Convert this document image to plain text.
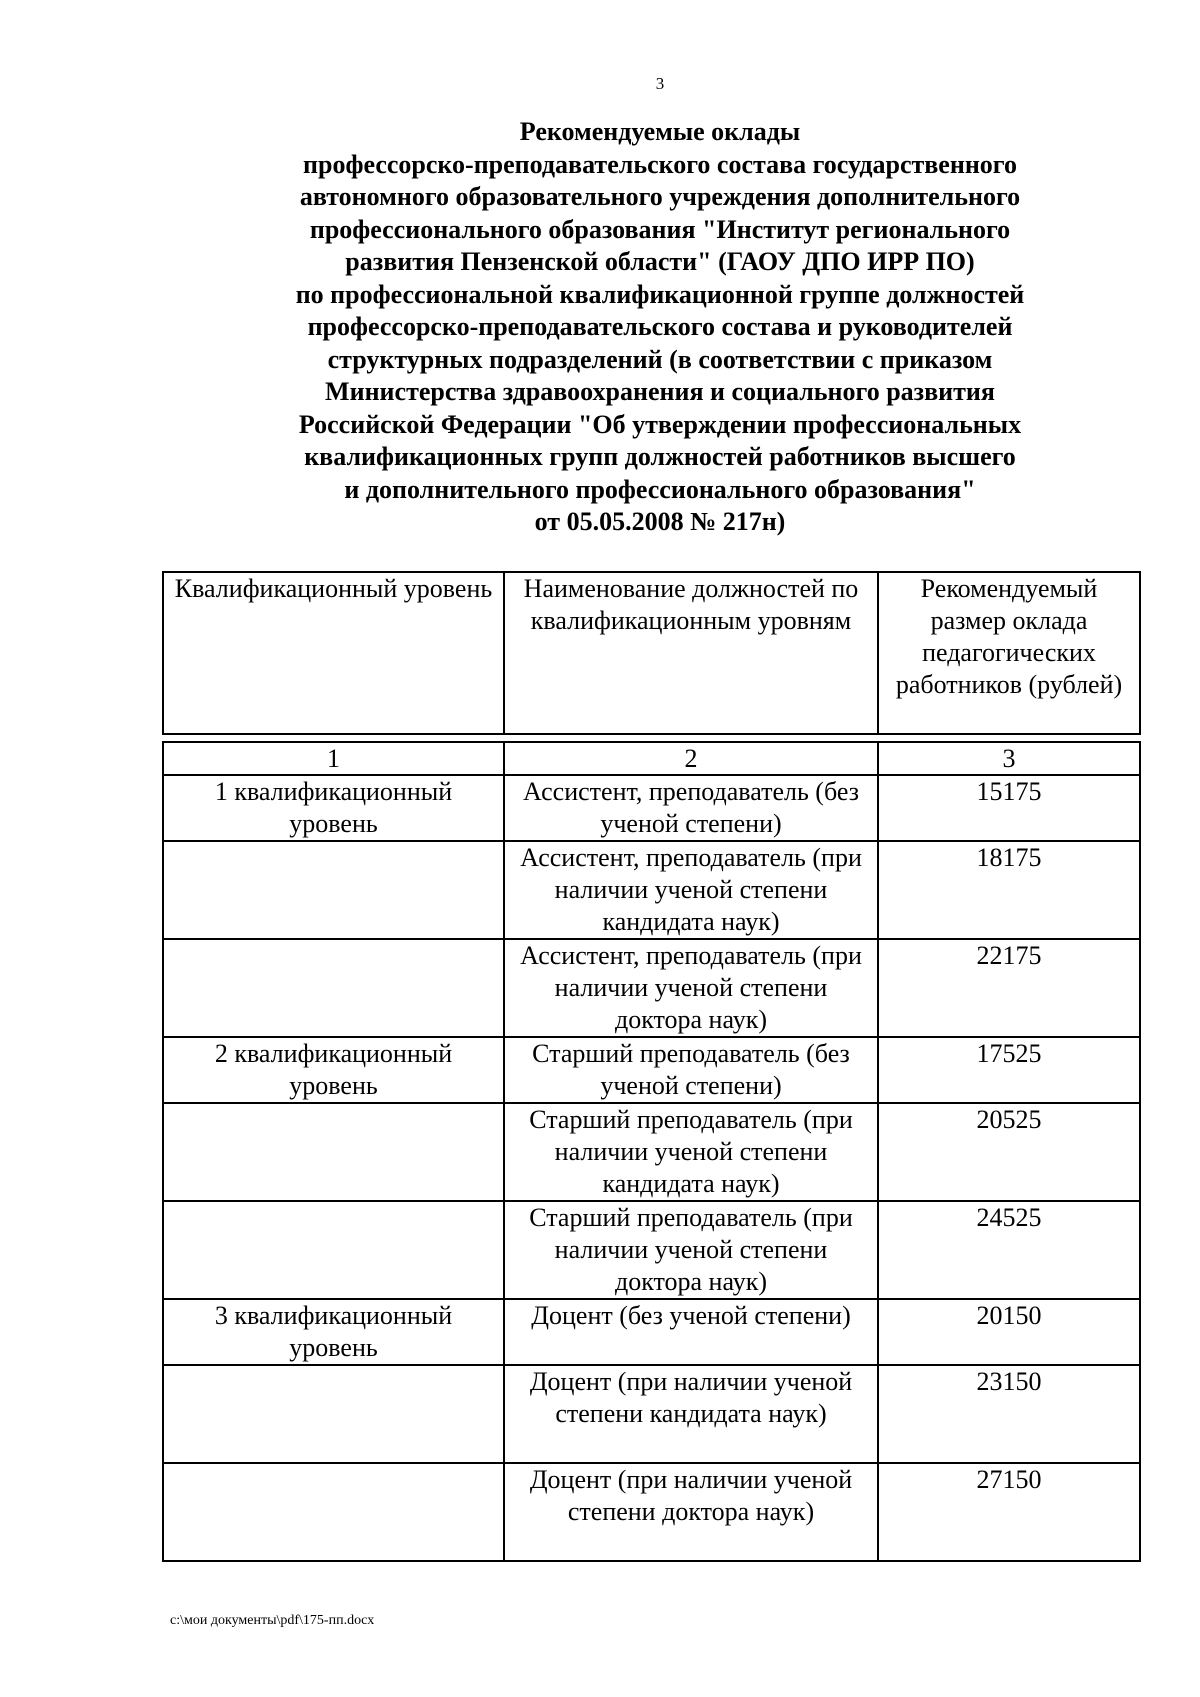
3
Рекомендуемые оклады
профессорско-преподавательского состава государственного
автономного образовательного учреждения дополнительного
профессионального образования "Институт регионального
развития Пензенской области" (ГАОУ ДПО ИРР ПО)
по профессиональной квалификационной группе должностей
профессорско-преподавательского состава и руководителей
структурных подразделений (в соответствии с приказом
Министерства здравоохранения и социального развития
Российской Федерации "Об утверждении профессиональных
квалификационных групп должностей работников высшего
и дополнительного профессионального образования"
от 05.05.2008 № 217н)
Квалификационный уровень	Наименование должностей по квалификационным уровням	Рекомендуемый размер оклада педагогических работников (рублей)
1	2	3
1 квалификационный уровень	Ассистент, преподаватель (без ученой степени)	15175
	Ассистент, преподаватель (при наличии ученой степени кандидата наук)	18175
	Ассистент, преподаватель (при наличии ученой степени доктора наук)	22175
2 квалификационный уровень	Старший преподаватель (без ученой степени)	17525
	Старший преподаватель (при наличии ученой степени кандидата наук)	20525
	Старший преподаватель (при наличии ученой степени доктора наук)	24525
3 квалификационный уровень	Доцент (без ученой степени)	20150
	Доцент (при наличии ученой степени кандидата наук)	23150
	Доцент (при наличии ученой степени доктора наук)	27150
c:\мои документы\pdf\175-пп.docx
